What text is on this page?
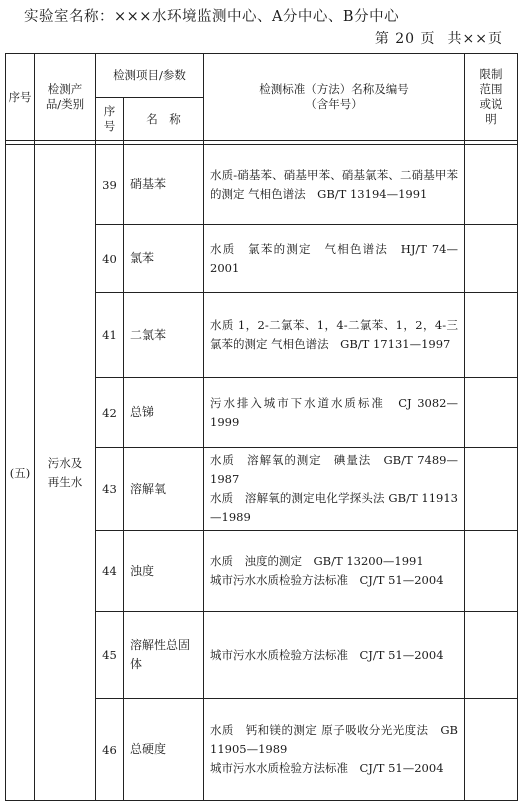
实验室名称：×××水环境监测中心、A分中心、B分中心
第 20 页 共××页
序号	检测产品/类别	检测项目/参数		检测标准（方法）名称及编号（含年号）	限制范围或说明
		序号	名　称		

(五)	污水及再生水	39	硝基苯	水质-硝基苯、硝基甲苯、硝基氯苯、二硝基甲苯的测定 气相色谱法　GB/T 13194—1991	

		40	氯苯	水质　氯苯的测定　气相色谱法　HJ/T 74—2001	

		41	二氯苯	水质 1，2-二氯苯、1，4-二氯苯、1，2，4-三氯苯的测定 气相色谱法　GB/T 17131—1997	

		42	总锑	污水排入城市下水道水质标准　CJ 3082—1999	

		43	溶解氧	水质　溶解氧的测定　碘量法　GB/T 7489—1987
水质　溶解氧的测定电化学探头法 GB/T 11913—1989	

		44	浊度	水质　浊度的测定　GB/T 13200—1991
城市污水水质检验方法标准　CJ/T 51—2004	

		45	溶解性总固体	城市污水水质检验方法标准　CJ/T 51—2004	

		46	总硬度	水质　钙和镁的测定 原子吸收分光光度法　GB 11905—1989
城市污水水质检验方法标准　CJ/T 51—2004	
